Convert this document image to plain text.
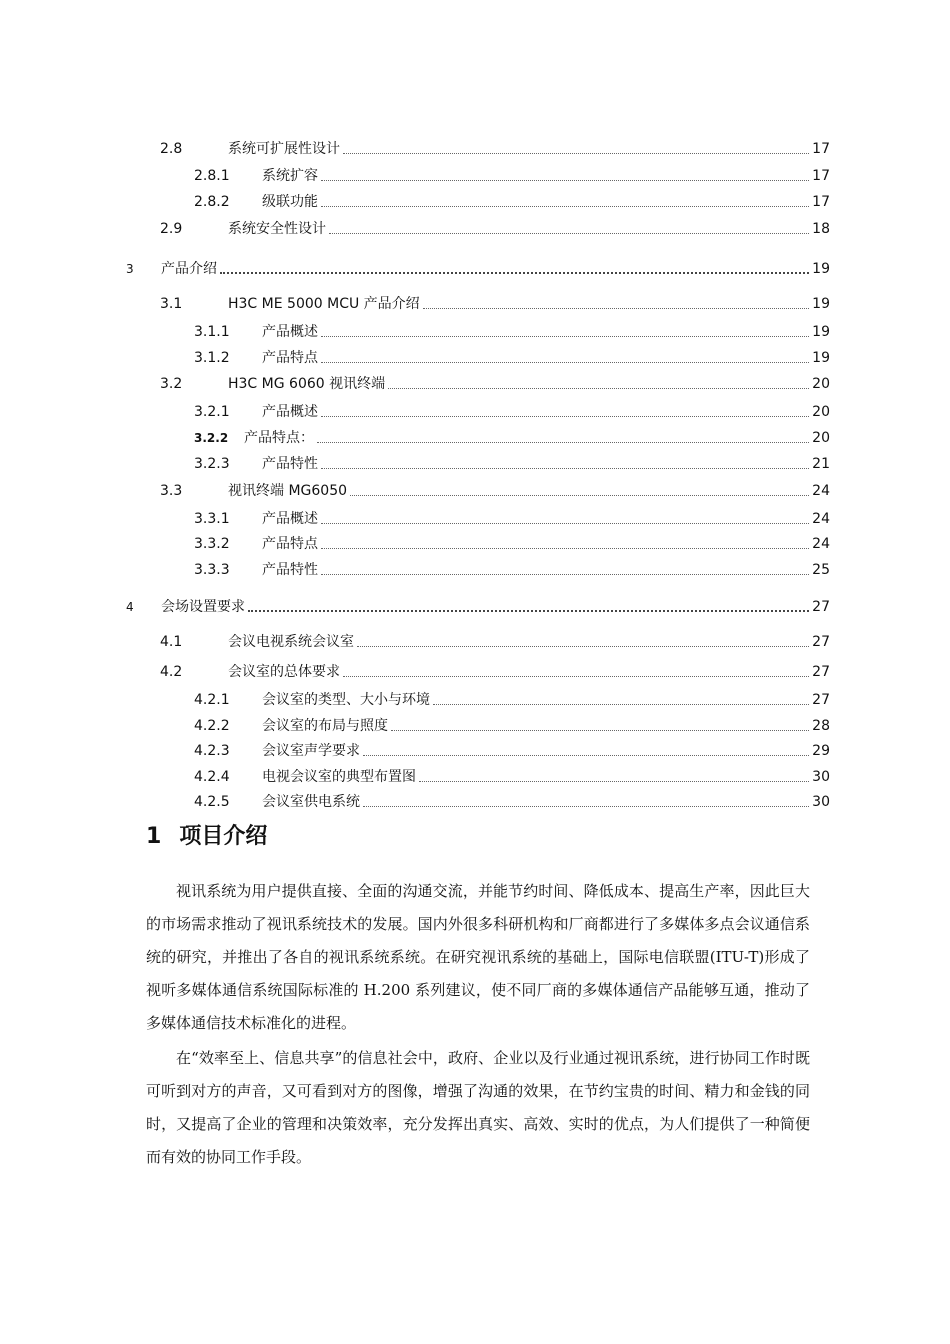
2.8	系统可扩展性设计	17
2.8.1	系统扩容	17
2.8.2	级联功能	17
2.9	系统安全性设计	18
3	产品介绍	19
3.1	H3C ME 5000 MCU 产品介绍	19
3.1.1	产品概述	19
3.1.2	产品特点	19
3.2	H3C MG 6060 视讯终端	20
3.2.1	产品概述	20
3.2.2	产品特点：	20
3.2.3	产品特性	21
3.3	视讯终端 MG6050	24
3.3.1	产品概述	24
3.3.2	产品特点	24
3.3.3	产品特性	25
4	会场设置要求	27
4.1	会议电视系统会议室	27
4.2	会议室的总体要求	27
4.2.1	会议室的类型、大小与环境	27
4.2.2	会议室的布局与照度	28
4.2.3	会议室声学要求	29
4.2.4	电视会议室的典型布置图	30
4.2.5	会议室供电系统	30
1 项目介绍

视讯系统为用户提供直接、全面的沟通交流，并能节约时间、降低成本、提高生产率，因此巨大的市场需求推动了视讯系统技术的发展。国内外很多科研机构和厂商都进行了多媒体多点会议通信系统的研究，并推出了各自的视讯系统系统。在研究视讯系统的基础上，国际电信联盟(ITU-T)形成了视听多媒体通信系统国际标准的 H.200 系列建议，使不同厂商的多媒体通信产品能够互通，推动了多媒体通信技术标准化的进程。

在“效率至上、信息共享”的信息社会中，政府、企业以及行业通过视讯系统，进行协同工作时既可听到对方的声音，又可看到对方的图像，增强了沟通的效果，在节约宝贵的时间、精力和金钱的同时，又提高了企业的管理和决策效率，充分发挥出真实、高效、实时的优点，为人们提供了一种简便而有效的协同工作手段。
